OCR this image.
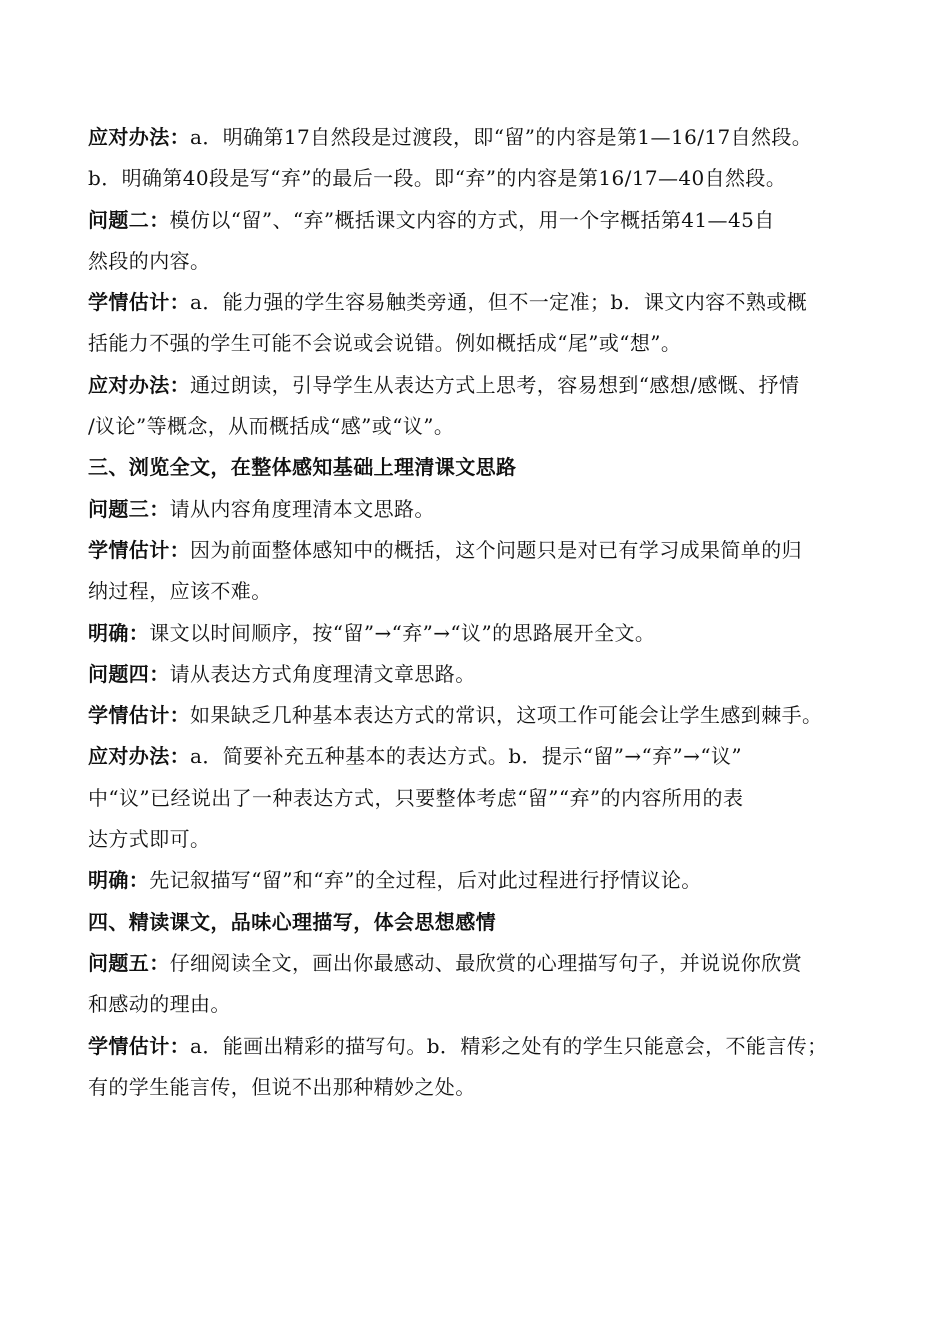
应对办法：a．明确第17自然段是过渡段，即“留”的内容是第1—16/17自然段。

b．明确第40段是写“弃”的最后一段。即“弃”的内容是第16/17—40自然段。

问题二：模仿以“留”、“弃”概括课文内容的方式，用一个字概括第41—45自

然段的内容。

学情估计：a．能力强的学生容易触类旁通，但不一定准；b．课文内容不熟或概

括能力不强的学生可能不会说或会说错。例如概括成“尾”或“想”。

应对办法：通过朗读，引导学生从表达方式上思考，容易想到“感想/感慨、抒情

/议论”等概念，从而概括成“感”或“议”。

三、浏览全文，在整体感知基础上理清课文思路

问题三：请从内容角度理清本文思路。

学情估计：因为前面整体感知中的概括，这个问题只是对已有学习成果简单的归

纳过程，应该不难。

明确：课文以时间顺序，按“留”→“弃”→“议”的思路展开全文。

问题四：请从表达方式角度理清文章思路。

学情估计：如果缺乏几种基本表达方式的常识，这项工作可能会让学生感到棘手。

应对办法：a．简要补充五种基本的表达方式。b．提示“留”→“弃”→“议”

中“议”已经说出了一种表达方式，只要整体考虑“留”“弃”的内容所用的表

达方式即可。

明确：先记叙描写“留”和“弃”的全过程，后对此过程进行抒情议论。

四、精读课文，品味心理描写，体会思想感情

问题五：仔细阅读全文，画出你最感动、最欣赏的心理描写句子，并说说你欣赏

和感动的理由。

学情估计：a．能画出精彩的描写句。b．精彩之处有的学生只能意会，不能言传；

有的学生能言传，但说不出那种精妙之处。
